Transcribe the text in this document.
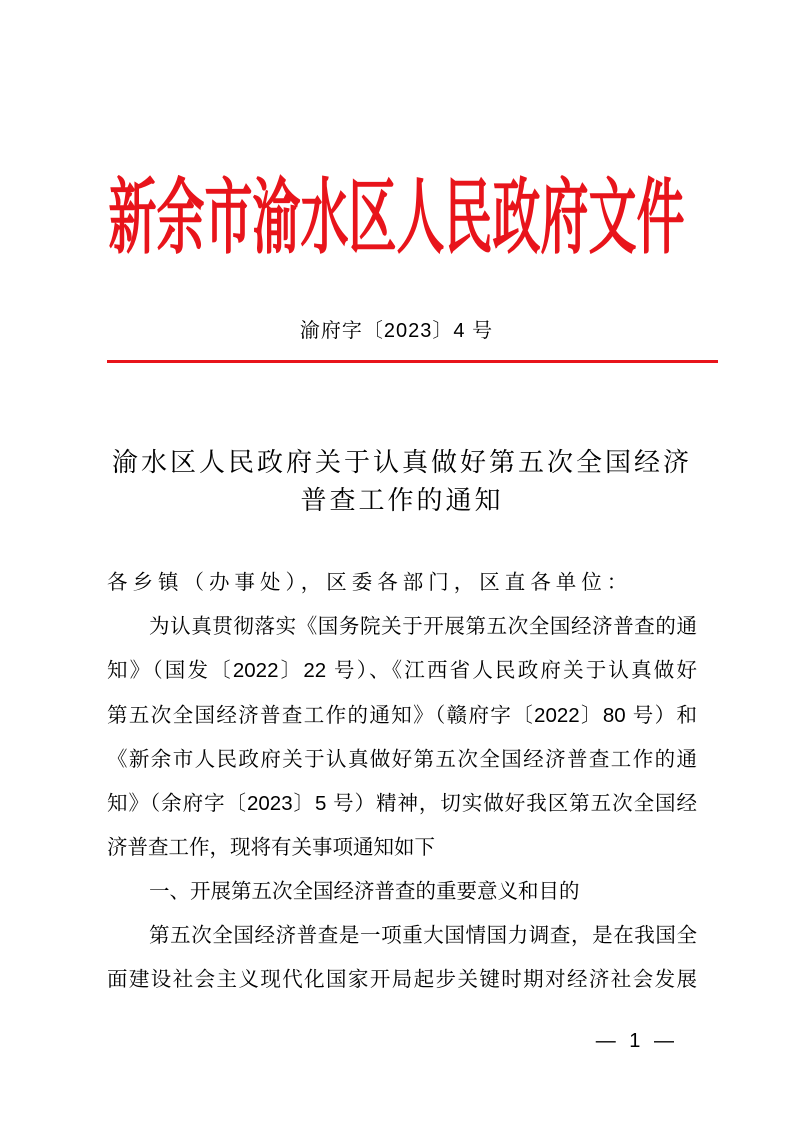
新余市渝水区人民政府文件
渝府字〔2023〕4 号
渝水区人民政府关于认真做好第五次全国经济
普查工作的通知
各乡镇（办事处），区委各部门，区直各单位：
为认真贯彻落实《国务院关于开展第五次全国经济普查的通
知》（国发〔2022〕22 号）、《江西省人民政府关于认真做好
第五次全国经济普查工作的通知》（赣府字〔2022〕80 号）和
《新余市人民政府关于认真做好第五次全国经济普查工作的通
知》（余府字〔2023〕5 号）精神，切实做好我区第五次全国经
济普查工作，现将有关事项通知如下
一、开展第五次全国经济普查的重要意义和目的
第五次全国经济普查是一项重大国情国力调查，是在我国全
面建设社会主义现代化国家开局起步关键时期对经济社会发展
— 1 —
